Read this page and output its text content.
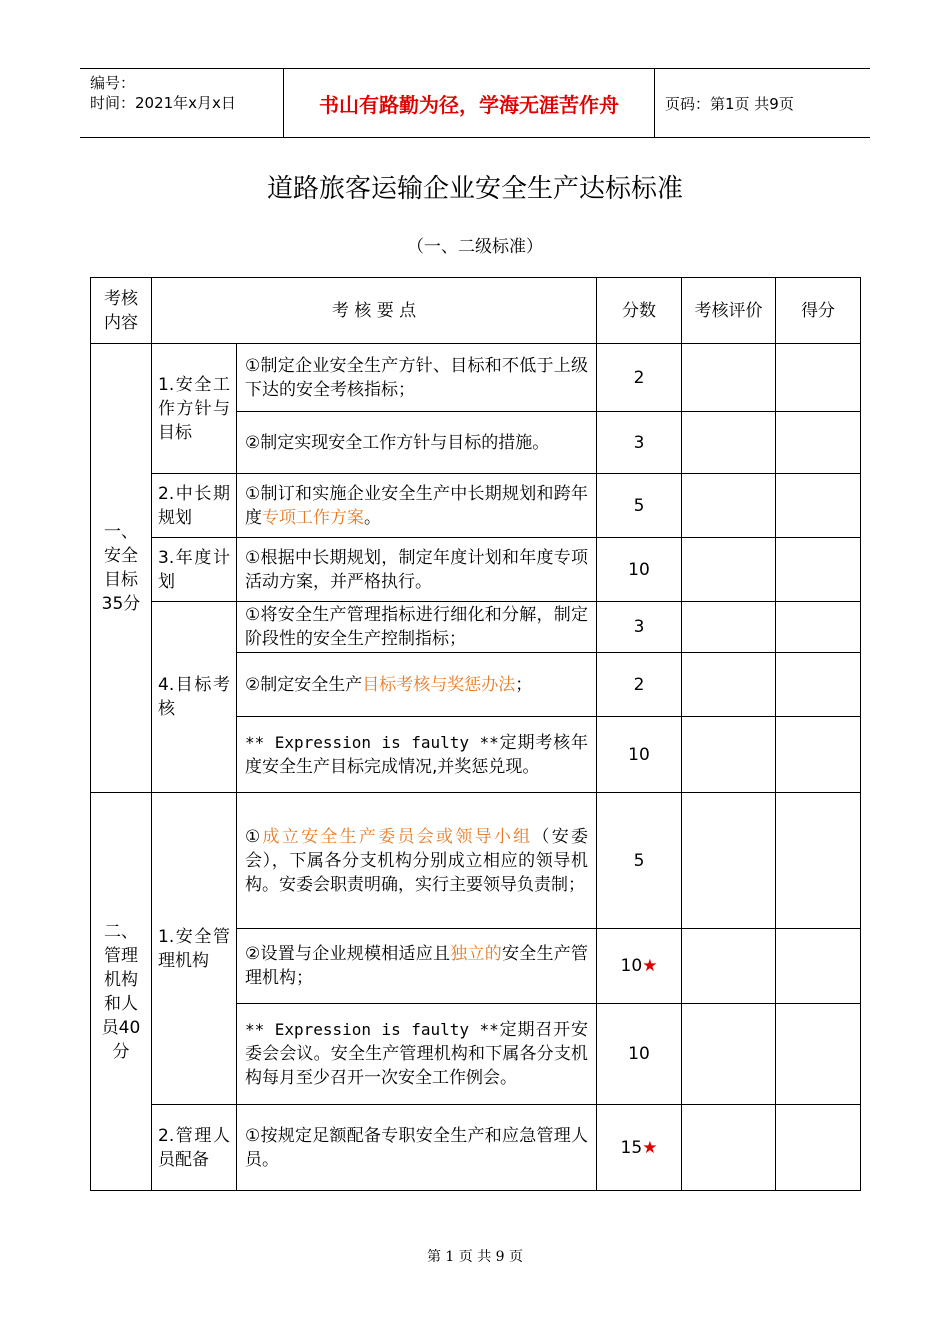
编号：
时间：2021年x月x日	书山有路勤为径，学海无涯苦作舟	页码：第1页 共9页
道路旅客运输企业安全生产达标标准
（一、二级标准）
考核内容	考 核 要 点		分数	考核评价	得分
一、安全目标35分	1.安全工作方针与目标	①制定企业安全生产方针、目标和不低于上级下达的安全考核指标；	2		
		②制定实现安全工作方针与目标的措施。	3		
	2.中长期规划	①制订和实施企业安全生产中长期规划和跨年度专项工作方案。	5		
	3.年度计划	①根据中长期规划，制定年度计划和年度专项活动方案，并严格执行。	10		
	4.目标考核	①将安全生产管理指标进行细化和分解，制定阶段性的安全生产控制指标；	3		
		②制定安全生产目标考核与奖惩办法；	2		
		** Expression is faulty **定期考核年度安全生产目标完成情况,并奖惩兑现。	10		
二、管理机构和人员40分	1.安全管理机构	①成立安全生产委员会或领导小组（安委会），下属各分支机构分别成立相应的领导机构。安委会职责明确，实行主要领导负责制；	5		
		②设置与企业规模相适应且独立的安全生产管理机构；	10★		
		** Expression is faulty **定期召开安委会会议。安全生产管理机构和下属各分支机构每月至少召开一次安全工作例会。	10		
	2.管理人员配备	①按规定足额配备专职安全生产和应急管理人员。	15★		
第 1 页 共 9 页
